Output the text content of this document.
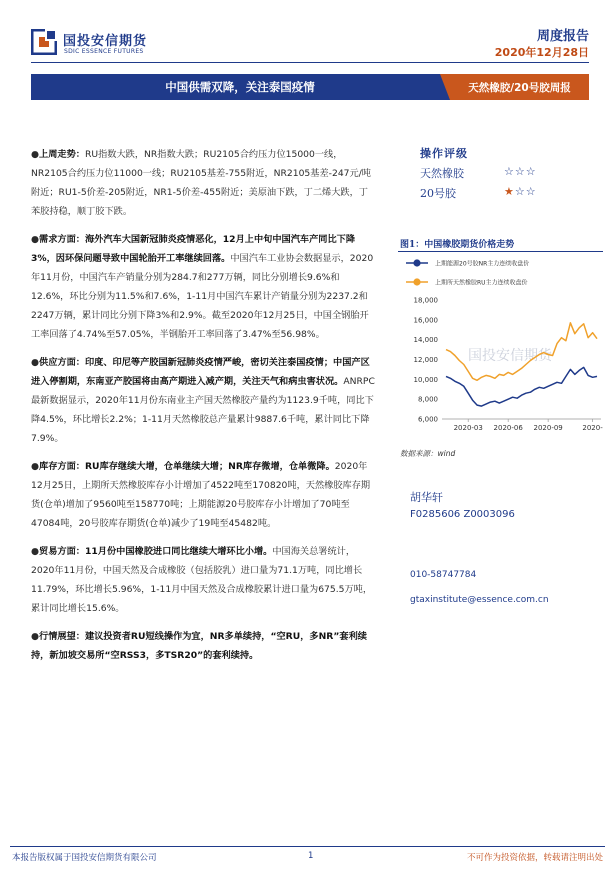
国投安信期货
SDIC ESSENCE FUTURES
周度报告
2020年12月28日
中国供需双降，关注泰国疫情	天然橡胶/20号胶周报

●上周走势：RU指数大跌，NR指数大跌；RU2105合约压力位15000一线，NR2105合约压力位11000一线；RU2105基差-755附近，NR2105基差-247元/吨附近；RU1-5价差-205附近，NR1-5价差-455附近；美原油下跌，丁二烯大跌，丁苯胶持稳，顺丁胶下跌。

●需求方面：海外汽车大国新冠肺炎疫情恶化，12月上中旬中国汽车产同比下降3%，因环保问题导致中国轮胎开工率继续回落。中国汽车工业协会数据显示，2020年11月份，中国汽车产销量分别为284.7和277万辆，同比分别增长9.6%和12.6%，环比分别为11.5%和7.6%，1-11月中国汽车累计产销量分别为2237.2和2247万辆，累计同比分别下降3%和2.9%。截至2020年12月25日，中国全钢胎开工率回落了4.74%至57.05%，半钢胎开工率回落了3.47%至56.98%。

●供应方面：印度、印尼等产胶国新冠肺炎疫情严峻，密切关注泰国疫情；中国产区进入停割期，东南亚产胶国将由高产期进入减产期，关注天气和病虫害状况。ANRPC最新数据显示，2020年11月份东南业主产国天然橡胶产量约为1123.9千吨，同比下降4.5%，环比增长2.2%；1-11月天然橡胶总产量累计9887.6千吨，累计同比下降7.9%。

●库存方面：RU库存继续大增，仓单继续大增；NR库存微增，仓单微降。2020年12月25日，上期所天然橡胶库存小计增加了4522吨至170820吨，天然橡胶库存期货(仓单)增加了9560吨至158770吨；上期能源20号胶库存小计增加了70吨至47084吨，20号胶库存期货(仓单)减少了19吨至45482吨。

●贸易方面：11月份中国橡胶进口同比继续大增环比小增。中国海关总署统计，2020年11月份，中国天然及合成橡胶（包括胶乳）进口量为71.1万吨，同比增长11.79%，环比增长5.96%，1-11月中国天然及合成橡胶累计进口量为675.5万吨，累计同比增长15.6%。

●行情展望：建议投资者RU短线操作为宜，NR多单续持，“空RU，多NR”套利续持，新加坡交易所“空RSS3，多TSR20”的套利续持。

操作评级
天然橡胶	☆☆☆
20号胶	★☆☆
图1：中国橡胶期货价格走势
上期能源20号胶NR主力连续收盘价
上期所天然橡胶RU主力连续收盘价
国投安信期货
6,000
8,000
10,000
12,000
14,000
16,000
18,000
2020-03 2020-06 2020-09	2020-
数据来源：wind
胡华轩
F0285606 Z0003096
010-58747784
gtaxinstitute@essence.com.cn
本报告版权属于国投安信期货有限公司	1	不可作为投资依据，转载请注明出处
